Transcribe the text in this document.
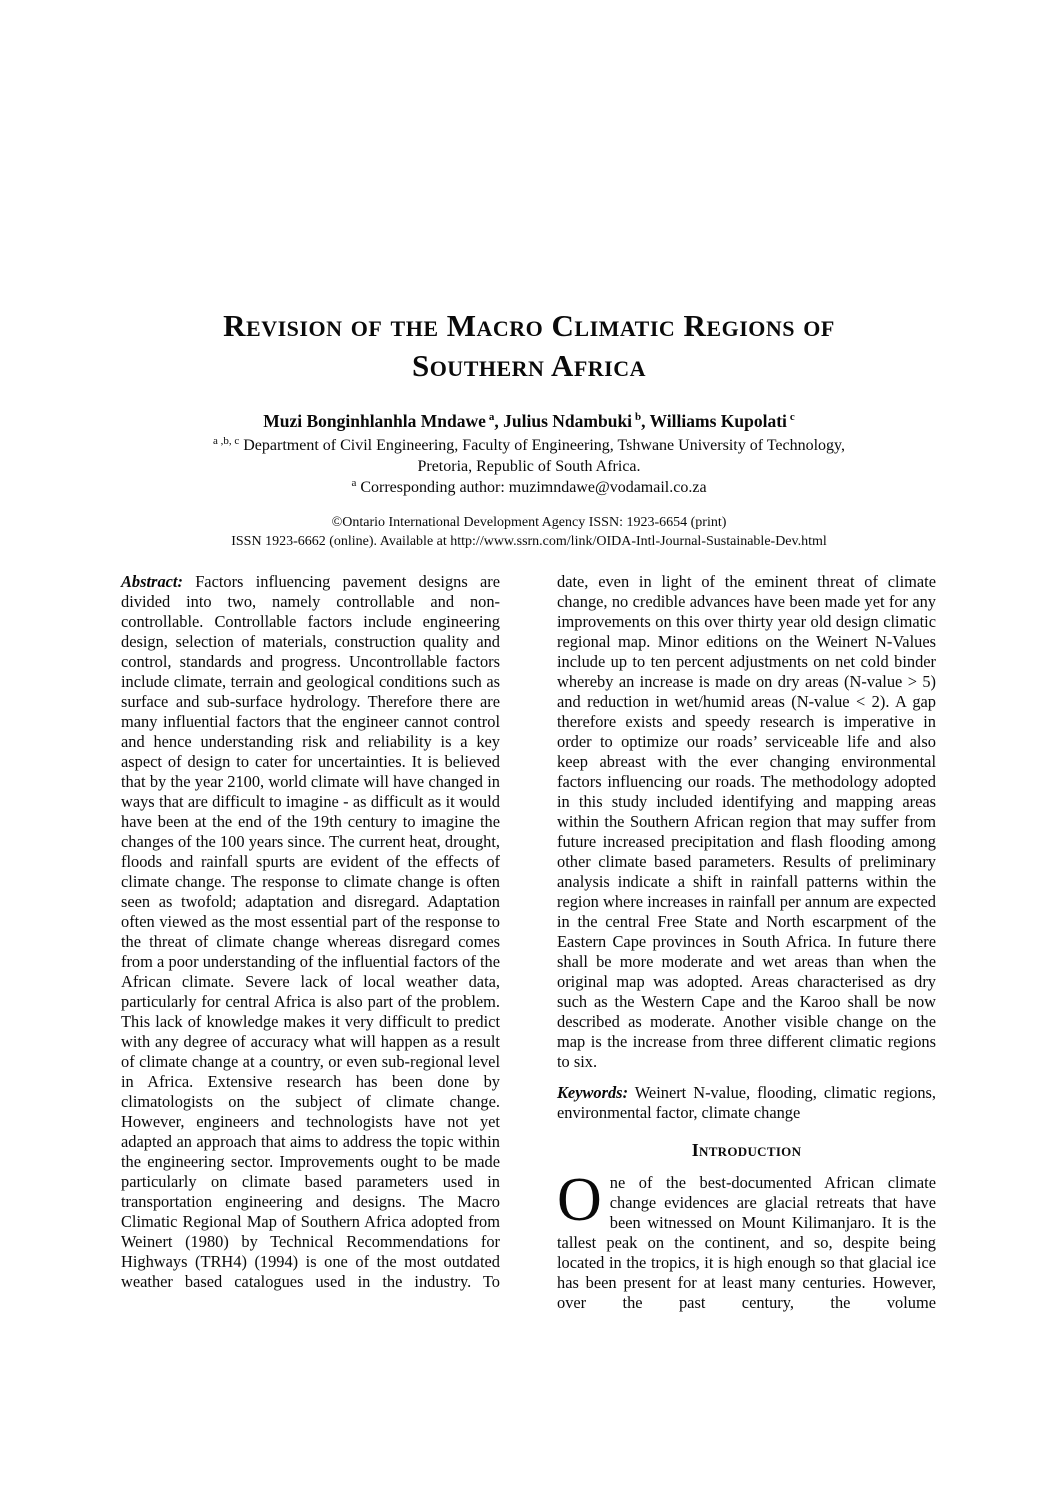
Revision of the Macro Climatic Regions of
Southern Africa
Muzi Bonginhlanhla Mndawe $^a$, Julius Ndambuki $^b$, Williams Kupolati $^c$
$^{a ,b, c}$ Department of Civil Engineering, Faculty of Engineering, Tshwane University of Technology,
Pretoria, Republic of South Africa.
$^a$ Corresponding author: muzimndawe@vodamail.co.za
©Ontario International Development Agency ISSN: 1923-6654 (print)
ISSN 1923-6662 (online). Available at http://www.ssrn.com/link/OIDA-Intl-Journal-Sustainable-Dev.html

Abstract: Factors influencing pavement designs are divided into two, namely controllable and non-controllable. Controllable factors include engineering design, selection of materials, construction quality and control, standards and progress. Uncontrollable factors include climate, terrain and geological conditions such as surface and sub-surface hydrology. Therefore there are many influential factors that the engineer cannot control and hence understanding risk and reliability is a key aspect of design to cater for uncertainties. It is believed that by the year 2100, world climate will have changed in ways that are difficult to imagine - as difficult as it would have been at the end of the 19th century to imagine the changes of the 100 years since. The current heat, drought, floods and rainfall spurts are evident of the effects of climate change. The response to climate change is often seen as twofold; adaptation and disregard. Adaptation often viewed as the most essential part of the response to the threat of climate change whereas disregard comes from a poor understanding of the influential factors of the African climate. Severe lack of local weather data, particularly for central Africa is also part of the problem. This lack of knowledge makes it very difficult to predict with any degree of accuracy what will happen as a result of climate change at a country, or even sub-regional level in Africa. Extensive research has been done by climatologists on the subject of climate change. However, engineers and technologists have not yet adapted an approach that aims to address the topic within the engineering sector. Improvements ought to be made particularly on climate based parameters used in transportation engineering and designs. The Macro Climatic Regional Map of Southern Africa adopted from Weinert (1980) by Technical Recommendations for Highways (TRH4) (1994) is one of the most outdated weather based catalogues used in the industry. To

date, even in light of the eminent threat of climate change, no credible advances have been made yet for any improvements on this over thirty year old design climatic regional map. Minor editions on the Weinert N-Values include up to ten percent adjustments on net cold binder whereby an increase is made on dry areas (N-value > 5) and reduction in wet/humid areas (N-value < 2). A gap therefore exists and speedy research is imperative in order to optimize our roads’ serviceable life and also keep abreast with the ever changing environmental factors influencing our roads. The methodology adopted in this study included identifying and mapping areas within the Southern African region that may suffer from future increased precipitation and flash flooding among other climate based parameters. Results of preliminary analysis indicate a shift in rainfall patterns within the region where increases in rainfall per annum are expected in the central Free State and North escarpment of the Eastern Cape provinces in South Africa. In future there shall be more moderate and wet areas than when the original map was adopted. Areas characterised as dry such as the Western Cape and the Karoo shall be now described as moderate. Another visible change on the map is the increase from three different climatic regions to six.

Keywords: Weinert N-value, flooding, climatic regions, environmental factor, climate change

Introduction

One of the best-documented African climate change evidences are glacial retreats that have been witnessed on Mount Kilimanjaro. It is the tallest peak on the continent, and so, despite being located in the tropics, it is high enough so that glacial ice has been present for at least many centuries. However, over the past century, the volume
